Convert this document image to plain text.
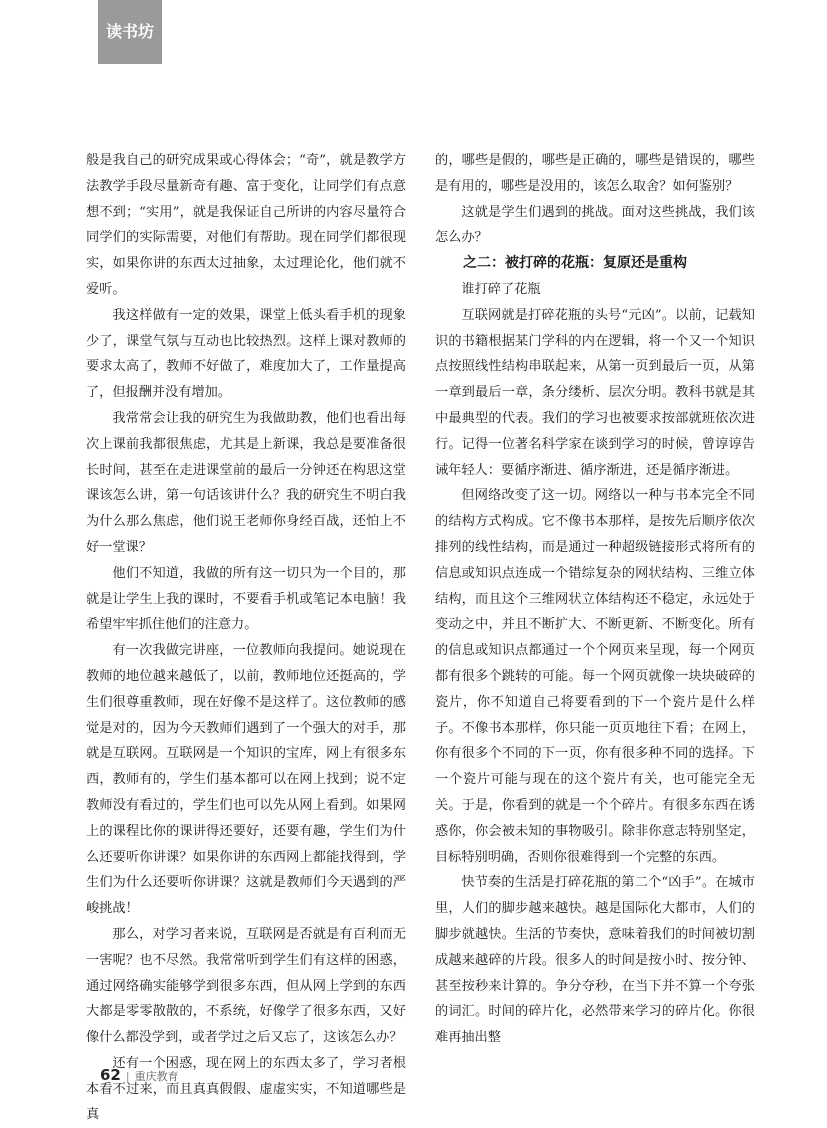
读书坊

般是我自己的研究成果或心得体会；“奇”，就是教学方法教学手段尽量新奇有趣、富于变化，让同学们有点意想不到；“实用”，就是我保证自己所讲的内容尽量符合同学们的实际需要，对他们有帮助。现在同学们都很现实，如果你讲的东西太过抽象，太过理论化，他们就不爱听。

我这样做有一定的效果，课堂上低头看手机的现象少了，课堂气氛与互动也比较热烈。这样上课对教师的要求太高了，教师不好做了，难度加大了，工作量提高了，但报酬并没有增加。

我常常会让我的研究生为我做助教，他们也看出每次上课前我都很焦虑，尤其是上新课，我总是要准备很长时间，甚至在走进课堂前的最后一分钟还在构思这堂课该怎么讲，第一句话该讲什么？我的研究生不明白我为什么那么焦虑，他们说王老师你身经百战，还怕上不好一堂课？

他们不知道，我做的所有这一切只为一个目的，那就是让学生上我的课时，不要看手机或笔记本电脑！我希望牢牢抓住他们的注意力。

有一次我做完讲座，一位教师向我提问。她说现在教师的地位越来越低了，以前，教师地位还挺高的，学生们很尊重教师，现在好像不是这样了。这位教师的感觉是对的，因为今天教师们遇到了一个强大的对手，那就是互联网。互联网是一个知识的宝库，网上有很多东西，教师有的，学生们基本都可以在网上找到；说不定教师没有看过的，学生们也可以先从网上看到。如果网上的课程比你的课讲得还要好，还要有趣，学生们为什么还要听你讲课？如果你讲的东西网上都能找得到，学生们为什么还要听你讲课？这就是教师们今天遇到的严峻挑战！

那么，对学习者来说，互联网是否就是有百利而无一害呢？也不尽然。我常常听到学生们有这样的困惑，通过网络确实能够学到很多东西，但从网上学到的东西大都是零零散散的，不系统，好像学了很多东西，又好像什么都没学到，或者学过之后又忘了，这该怎么办？

还有一个困惑，现在网上的东西太多了，学习者根本看不过来，而且真真假假、虚虚实实，不知道哪些是真

的，哪些是假的，哪些是正确的，哪些是错误的，哪些是有用的，哪些是没用的，该怎么取舍？如何鉴别？

这就是学生们遇到的挑战。面对这些挑战，我们该怎么办？

之二：被打碎的花瓶：复原还是重构
谁打碎了花瓶

互联网就是打碎花瓶的头号“元凶”。以前，记载知识的书籍根据某门学科的内在逻辑，将一个又一个知识点按照线性结构串联起来，从第一页到最后一页，从第一章到最后一章，条分缕析、层次分明。教科书就是其中最典型的代表。我们的学习也被要求按部就班依次进行。记得一位著名科学家在谈到学习的时候，曾谆谆告诫年轻人：要循序渐进、循序渐进，还是循序渐进。

但网络改变了这一切。网络以一种与书本完全不同的结构方式构成。它不像书本那样，是按先后顺序依次排列的线性结构，而是通过一种超级链接形式将所有的信息或知识点连成一个错综复杂的网状结构、三维立体结构，而且这个三维网状立体结构还不稳定，永远处于变动之中，并且不断扩大、不断更新、不断变化。所有的信息或知识点都通过一个个网页来呈现，每一个网页都有很多个跳转的可能。每一个网页就像一块块破碎的瓷片，你不知道自己将要看到的下一个瓷片是什么样子。不像书本那样，你只能一页页地往下看；在网上，你有很多个不同的下一页，你有很多种不同的选择。下一个瓷片可能与现在的这个瓷片有关，也可能完全无关。于是，你看到的就是一个个碎片。有很多东西在诱惑你，你会被未知的事物吸引。除非你意志特别坚定，目标特别明确，否则你很难得到一个完整的东西。

快节奏的生活是打碎花瓶的第二个“凶手”。在城市里，人们的脚步越来越快。越是国际化大都市，人们的脚步就越快。生活的节奏快，意味着我们的时间被切割成越来越碎的片段。很多人的时间是按小时、按分钟、甚至按秒来计算的。争分夺秒，在当下并不算一个夸张的词汇。时间的碎片化，必然带来学习的碎片化。你很难再抽出整

62 | 重庆教育
